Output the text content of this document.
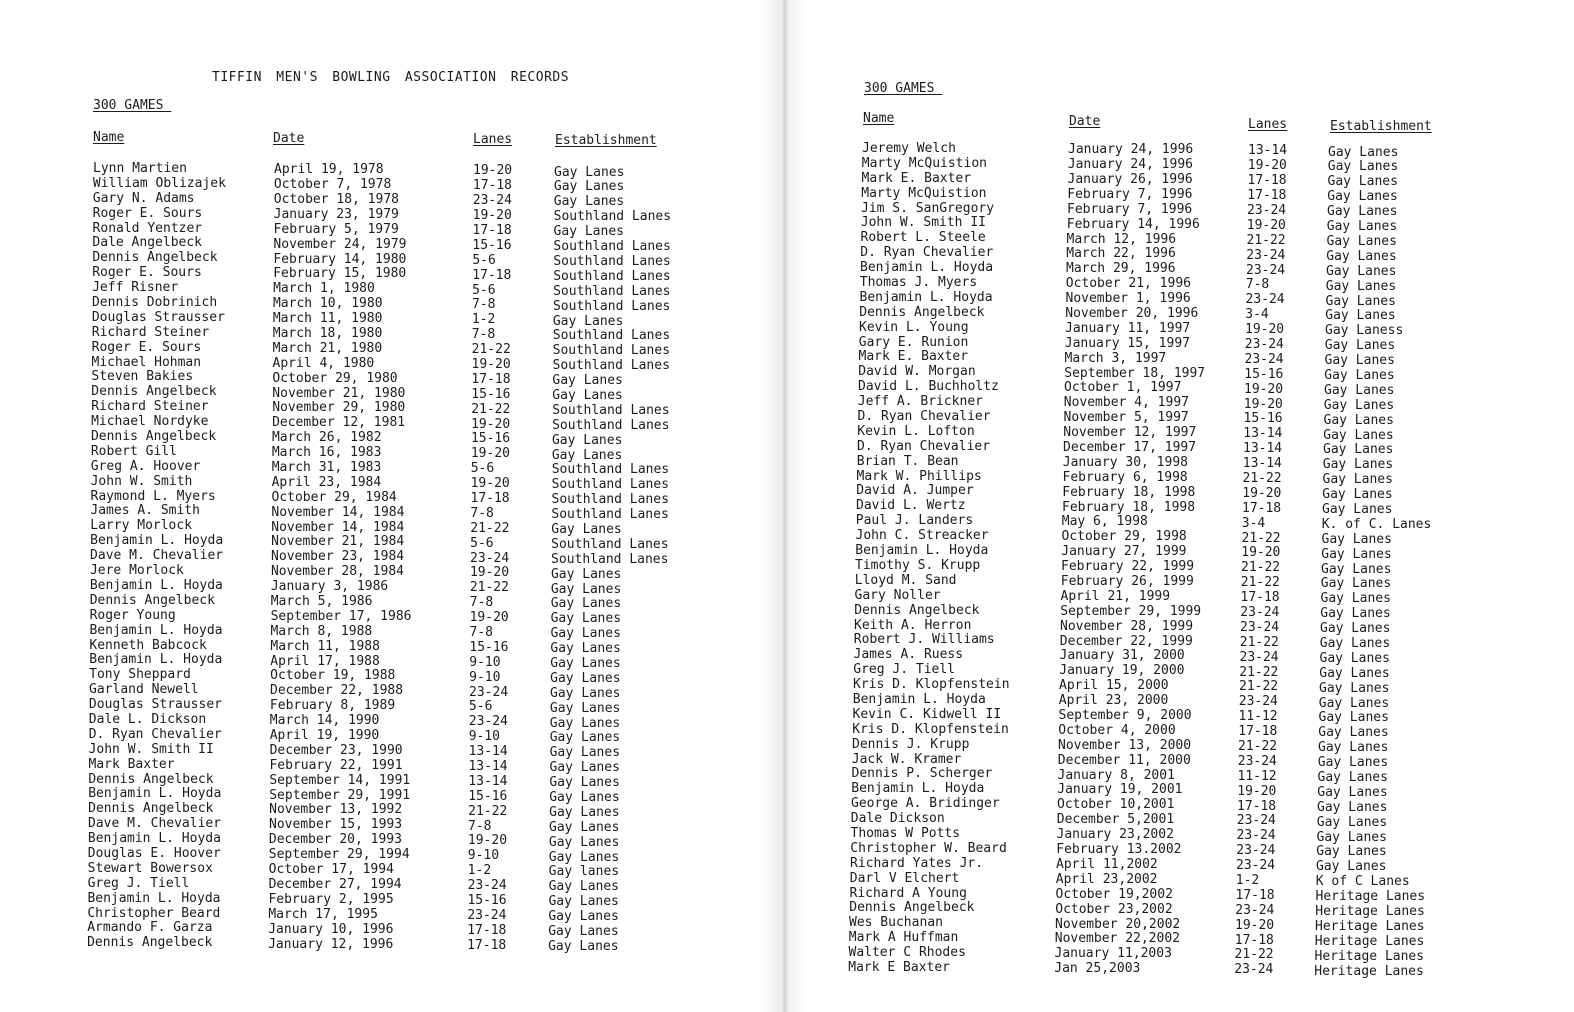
TIFFIN MEN'S BOWLING ASSOCIATION RECORDS
300 GAMES
Name	Date	Lanes	Establishment
Lynn Martien	April 19, 1978	19-20	Gay Lanes
William Oblizajek	October 7, 1978	17-18	Gay Lanes
Gary N. Adams	October 18, 1978	23-24	Gay Lanes
Roger E. Sours	January 23, 1979	19-20	Southland Lanes
Ronald Yentzer	February 5, 1979	17-18	Gay Lanes
Dale Angelbeck	November 24, 1979	15-16	Southland Lanes
Dennis Angelbeck	February 14, 1980	5-6	Southland Lanes
Roger E. Sours	February 15, 1980	17-18	Southland Lanes
Jeff Risner	March 1, 1980	5-6	Southland Lanes
Dennis Dobrinich	March 10, 1980	7-8	Southland Lanes
Douglas Strausser	March 11, 1980	1-2	Gay Lanes
Richard Steiner	March 18, 1980	7-8	Southland Lanes
Roger E. Sours	March 21, 1980	21-22	Southland Lanes
Michael Hohman	April 4, 1980	19-20	Southland Lanes
Steven Bakies	October 29, 1980	17-18	Gay Lanes
Dennis Angelbeck	November 21, 1980	15-16	Gay Lanes
Richard Steiner	November 29, 1980	21-22	Southland Lanes
Michael Nordyke	December 12, 1981	19-20	Southland Lanes
Dennis Angelbeck	March 26, 1982	15-16	Gay Lanes
Robert Gill	March 16, 1983	19-20	Gay Lanes
Greg A. Hoover	March 31, 1983	5-6	Southland Lanes
John W. Smith	April 23, 1984	19-20	Southland Lanes
Raymond L. Myers	October 29, 1984	17-18	Southland Lanes
James A. Smith	November 14, 1984	7-8	Southland Lanes
Larry Morlock	November 14, 1984	21-22	Gay Lanes
Benjamin L. Hoyda	November 21, 1984	5-6	Southland Lanes
Dave M. Chevalier	November 23, 1984	23-24	Southland Lanes
Jere Morlock	November 28, 1984	19-20	Gay Lanes
Benjamin L. Hoyda	January 3, 1986	21-22	Gay Lanes
Dennis Angelbeck	March 5, 1986	7-8	Gay Lanes
Roger Young	September 17, 1986	19-20	Gay Lanes
Benjamin L. Hoyda	March 8, 1988	7-8	Gay Lanes
Kenneth Babcock	March 11, 1988	15-16	Gay Lanes
Benjamin L. Hoyda	April 17, 1988	9-10	Gay Lanes
Tony Sheppard	October 19, 1988	9-10	Gay Lanes
Garland Newell	December 22, 1988	23-24	Gay Lanes
Douglas Strausser	February 8, 1989	5-6	Gay Lanes
Dale L. Dickson	March 14, 1990	23-24	Gay Lanes
D. Ryan Chevalier	April 19, 1990	9-10	Gay Lanes
John W. Smith II	December 23, 1990	13-14	Gay Lanes
Mark Baxter	February 22, 1991	13-14	Gay Lanes
Dennis Angelbeck	September 14, 1991	13-14	Gay Lanes
Benjamin L. Hoyda	September 29, 1991	15-16	Gay Lanes
Dennis Angelbeck	November 13, 1992	21-22	Gay Lanes
Dave M. Chevalier	November 15, 1993	7-8	Gay Lanes
Benjamin L. Hoyda	December 20, 1993	19-20	Gay Lanes
Douglas E. Hoover	September 29, 1994	9-10	Gay Lanes
Stewart Bowersox	October 17, 1994	1-2	Gay lanes
Greg J. Tiell	December 27, 1994	23-24	Gay Lanes
Benjamin L. Hoyda	February 2, 1995	15-16	Gay Lanes
Christopher Beard	March 17, 1995	23-24	Gay Lanes
Armando F. Garza	January 10, 1996	17-18	Gay Lanes
Dennis Angelbeck	January 12, 1996	17-18	Gay Lanes
300 GAMES
Name	Date	Lanes	Establishment
Jeremy Welch	January 24, 1996	13-14	Gay Lanes
Marty McQuistion	January 24, 1996	19-20	Gay Lanes
Mark E. Baxter	January 26, 1996	17-18	Gay Lanes
Marty McQuistion	February 7, 1996	17-18	Gay Lanes
Jim S. SanGregory	February 7, 1996	23-24	Gay Lanes
John W. Smith II	February 14, 1996	19-20	Gay Lanes
Robert L. Steele	March 12, 1996	21-22	Gay Lanes
D. Ryan Chevalier	March 22, 1996	23-24	Gay Lanes
Benjamin L. Hoyda	March 29, 1996	23-24	Gay Lanes
Thomas J. Myers	October 21, 1996	7-8	Gay Lanes
Benjamin L. Hoyda	November 1, 1996	23-24	Gay Lanes
Dennis Angelbeck	November 20, 1996	3-4	Gay Lanes
Kevin L. Young	January 11, 1997	19-20	Gay Laness
Gary E. Runion	January 15, 1997	23-24	Gay Lanes
Mark E. Baxter	March 3, 1997	23-24	Gay Lanes
David W. Morgan	September 18, 1997	15-16	Gay Lanes
David L. Buchholtz	October 1, 1997	19-20	Gay Lanes
Jeff A. Brickner	November 4, 1997	19-20	Gay Lanes
D. Ryan Chevalier	November 5, 1997	15-16	Gay Lanes
Kevin L. Lofton	November 12, 1997	13-14	Gay Lanes
D. Ryan Chevalier	December 17, 1997	13-14	Gay Lanes
Brian T. Bean	January 30, 1998	13-14	Gay Lanes
Mark W. Phillips	February 6, 1998	21-22	Gay Lanes
David A. Jumper	February 18, 1998	19-20	Gay Lanes
David L. Wertz	February 18, 1998	17-18	Gay Lanes
Paul J. Landers	May 6, 1998	3-4	K. of C. Lanes
John C. Streacker	October 29, 1998	21-22	Gay Lanes
Benjamin L. Hoyda	January 27, 1999	19-20	Gay Lanes
Timothy S. Krupp	February 22, 1999	21-22	Gay Lanes
Lloyd M. Sand	February 26, 1999	21-22	Gay Lanes
Gary Noller	April 21, 1999	17-18	Gay Lanes
Dennis Angelbeck	September 29, 1999	23-24	Gay Lanes
Keith A. Herron	November 28, 1999	23-24	Gay Lanes
Robert J. Williams	December 22, 1999	21-22	Gay Lanes
James A. Ruess	January 31, 2000	23-24	Gay Lanes
Greg J. Tiell	January 19, 2000	21-22	Gay Lanes
Kris D. Klopfenstein	April 15, 2000	21-22	Gay Lanes
Benjamin L. Hoyda	April 23, 2000	23-24	Gay Lanes
Kevin C. Kidwell II	September 9, 2000	11-12	Gay Lanes
Kris D. Klopfenstein	October 4, 2000	17-18	Gay Lanes
Dennis J. Krupp	November 13, 2000	21-22	Gay Lanes
Jack W. Kramer	December 11, 2000	23-24	Gay Lanes
Dennis P. Scherger	January 8, 2001	11-12	Gay Lanes
Benjamin L. Hoyda	January 19, 2001	19-20	Gay Lanes
George A. Bridinger	October 10,2001	17-18	Gay Lanes
Dale Dickson	December 5,2001	23-24	Gay Lanes
Thomas W Potts	January 23,2002	23-24	Gay Lanes
Christopher W. Beard	February 13.2002	23-24	Gay Lanes
Richard Yates Jr.	April 11,2002	23-24	Gay Lanes
Darl V Elchert	April 23,2002	1-2	K of C Lanes
Richard A Young	October 19,2002	17-18	Heritage Lanes
Dennis Angelbeck	October 23,2002	23-24	Heritage Lanes
Wes Buchanan	November 20,2002	19-20	Heritage Lanes
Mark A Huffman	November 22,2002	17-18	Heritage Lanes
Walter C Rhodes	January 11,2003	21-22	Heritage Lanes
Mark E Baxter	Jan 25,2003	23-24	Heritage Lanes
